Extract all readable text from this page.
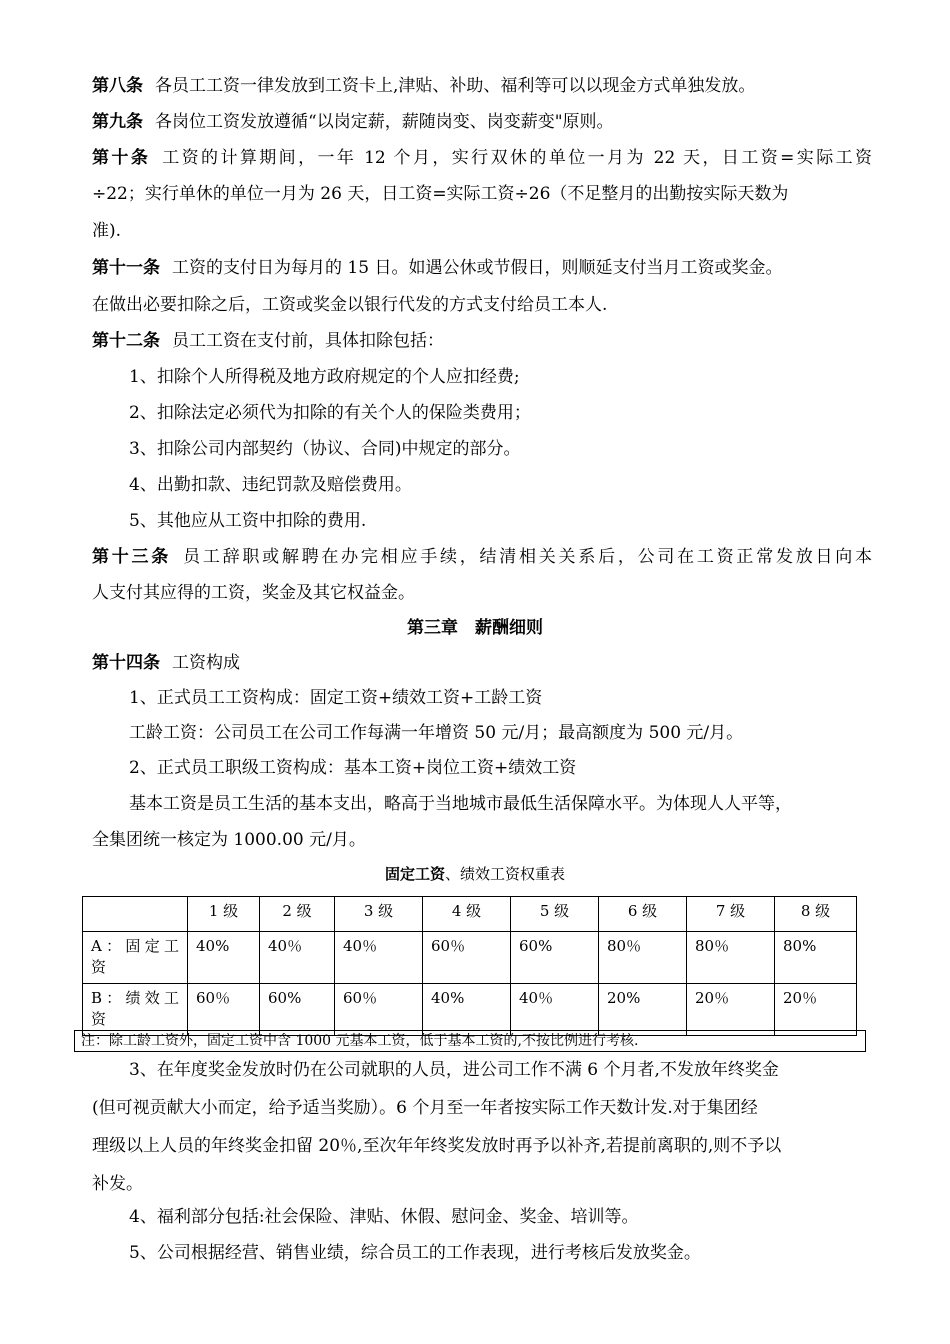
第八条 各员工工资一律发放到工资卡上,津贴、补助、福利等可以以现金方式单独发放。
第九条 各岗位工资发放遵循“以岗定薪，薪随岗变、岗变薪变"原则。
第十条 工资的计算期间，一年 12 个月，实行双休的单位一月为 22 天，日工资=实际工资
÷22；实行单休的单位一月为 26 天，日工资=实际工资÷26（不足整月的出勤按实际天数为
准).
第十一条 工资的支付日为每月的 15 日。如遇公休或节假日，则顺延支付当月工资或奖金。
在做出必要扣除之后，工资或奖金以银行代发的方式支付给员工本人.
第十二条 员工工资在支付前，具体扣除包括：
1、扣除个人所得税及地方政府规定的个人应扣经费;
2、扣除法定必须代为扣除的有关个人的保险类费用；
3、扣除公司内部契约（协议、合同)中规定的部分。
4、出勤扣款、违纪罚款及赔偿费用。
5、其他应从工资中扣除的费用.
第十三条 员工辞职或解聘在办完相应手续，结清相关关系后，公司在工资正常发放日向本
人支付其应得的工资，奖金及其它权益金。
第三章　薪酬细则
第十四条 工资构成
1、正式员工工资构成：固定工资+绩效工资+工龄工资
工龄工资：公司员工在公司工作每满一年增资 50 元/月；最高额度为 500 元/月。
2、正式员工职级工资构成：基本工资+岗位工资+绩效工资
基本工资是员工生活的基本支出，略高于当地城市最低生活保障水平。为体现人人平等，
全集团统一核定为 1000.00 元/月。
固定工资、绩效工资权重表
	1 级	2 级	3 级	4 级	5 级	6 级	7 级	8 级
A：固定工资	40%	40％	40％	60％	60%	80％	80％	80%
B：绩效工资	60％	60%	60％	40%	40％	20%	20％	20％
注：除工龄工资外，固定工资中含 1000 元基本工资，低于基本工资的,不按比例进行考核.
3、在年度奖金发放时仍在公司就职的人员，进公司工作不满 6 个月者,不发放年终奖金
(但可视贡献大小而定，给予适当奖励）。6 个月至一年者按实际工作天数计发.对于集团经
理级以上人员的年终奖金扣留 20％,至次年年终奖发放时再予以补齐,若提前离职的,则不予以
补发。
4、福利部分包括:社会保险、津贴、休假、慰问金、奖金、培训等。
5、公司根据经营、销售业绩，综合员工的工作表现，进行考核后发放奖金。
